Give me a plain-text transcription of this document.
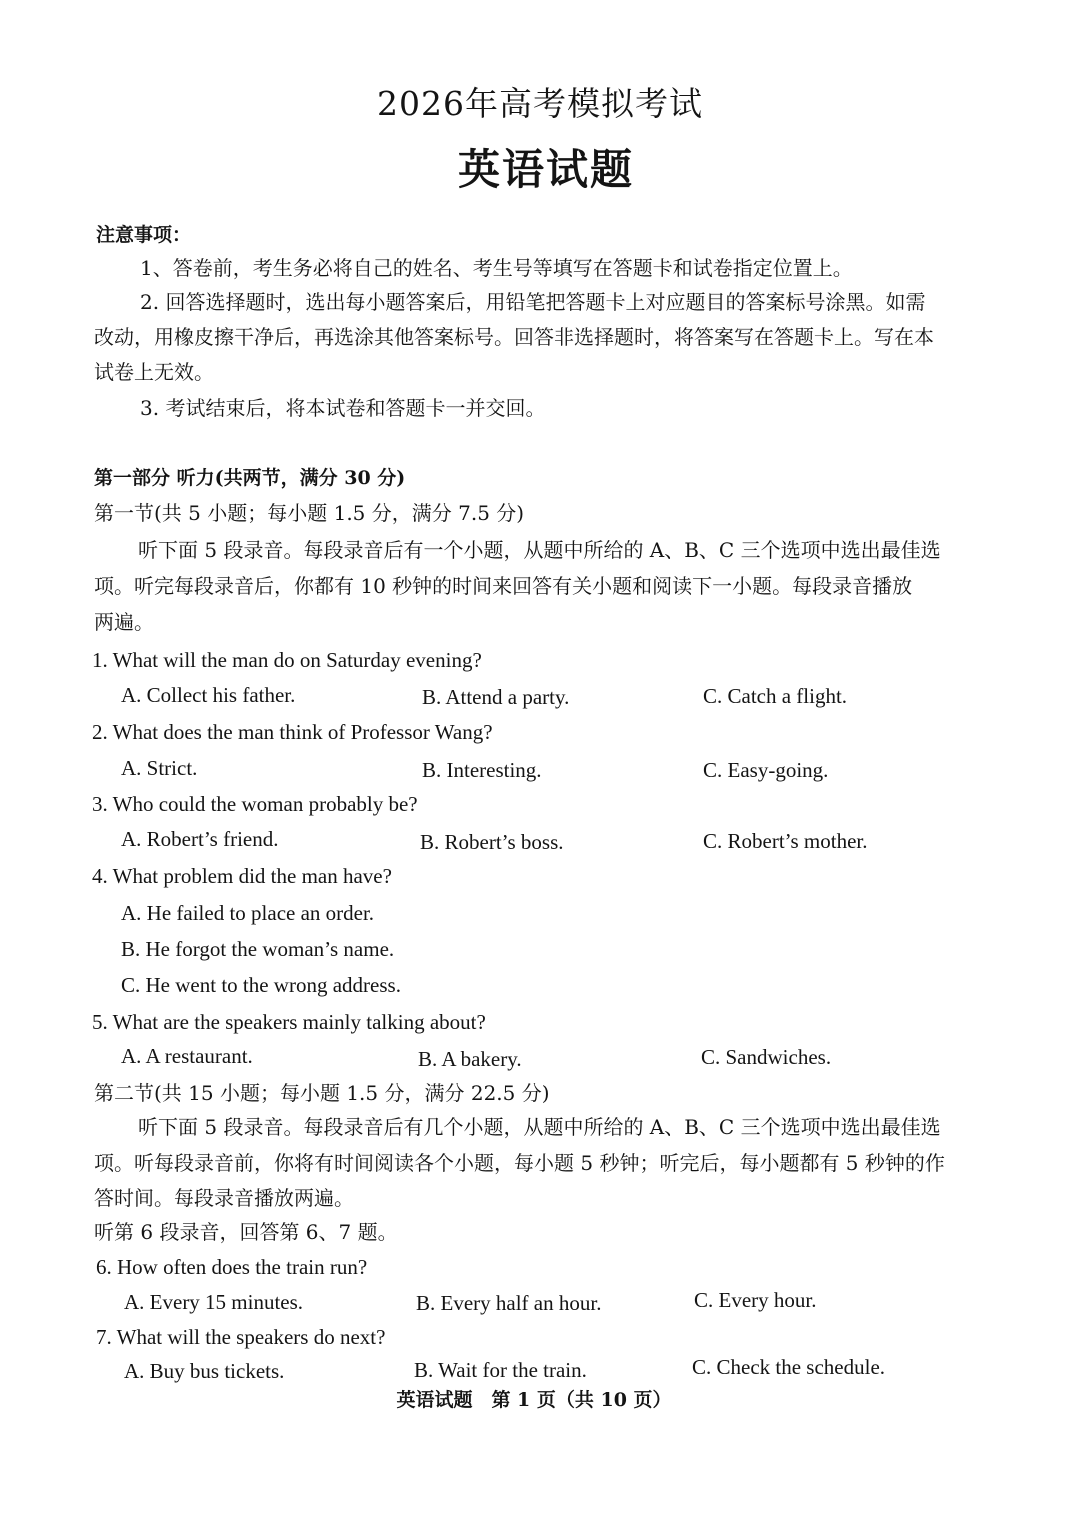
2026年高考模拟考试
英语试题
注意事项：
1、答卷前，考生务必将自己的姓名、考生号等填写在答题卡和试卷指定位置上。
2. 回答选择题时，选出每小题答案后，用铅笔把答题卡上对应题目的答案标号涂黑。如需
改动，用橡皮擦干净后，再选涂其他答案标号。回答非选择题时，将答案写在答题卡上。写在本
试卷上无效。
3. 考试结束后，将本试卷和答题卡一并交回。
第一部分 听力(共两节，满分 30 分)
第一节(共 5 小题；每小题 1.5 分，满分 7.5 分)
听下面 5 段录音。每段录音后有一个小题，从题中所给的 A、B、C 三个选项中选出最佳选
项。听完每段录音后，你都有 10 秒钟的时间来回答有关小题和阅读下一小题。每段录音播放
两遍。
1. What will the man do on Saturday evening?
A. Collect his father.	B. Attend a party.	C. Catch a flight.
2. What does the man think of Professor Wang?
A. Strict.	B. Interesting.	C. Easy-going.
3. Who could the woman probably be?
A. Robert’s friend.	B. Robert’s boss.	C. Robert’s mother.
4. What problem did the man have?
A. He failed to place an order.
B. He forgot the woman’s name.
C. He went to the wrong address.
5. What are the speakers mainly talking about?
A. A restaurant.	B. A bakery.	C. Sandwiches.
第二节(共 15 小题；每小题 1.5 分，满分 22.5 分)
听下面 5 段录音。每段录音后有几个小题，从题中所给的 A、B、C 三个选项中选出最佳选
项。听每段录音前，你将有时间阅读各个小题，每小题 5 秒钟；听完后，每小题都有 5 秒钟的作
答时间。每段录音播放两遍。
听第 6 段录音，回答第 6、7 题。
6. How often does the train run?
A. Every 15 minutes.	B. Every half an hour.	C. Every hour.
7. What will the speakers do next?
A. Buy bus tickets.	B. Wait for the train.	C. Check the schedule.
英语试题　第 1 页（共 10 页）
